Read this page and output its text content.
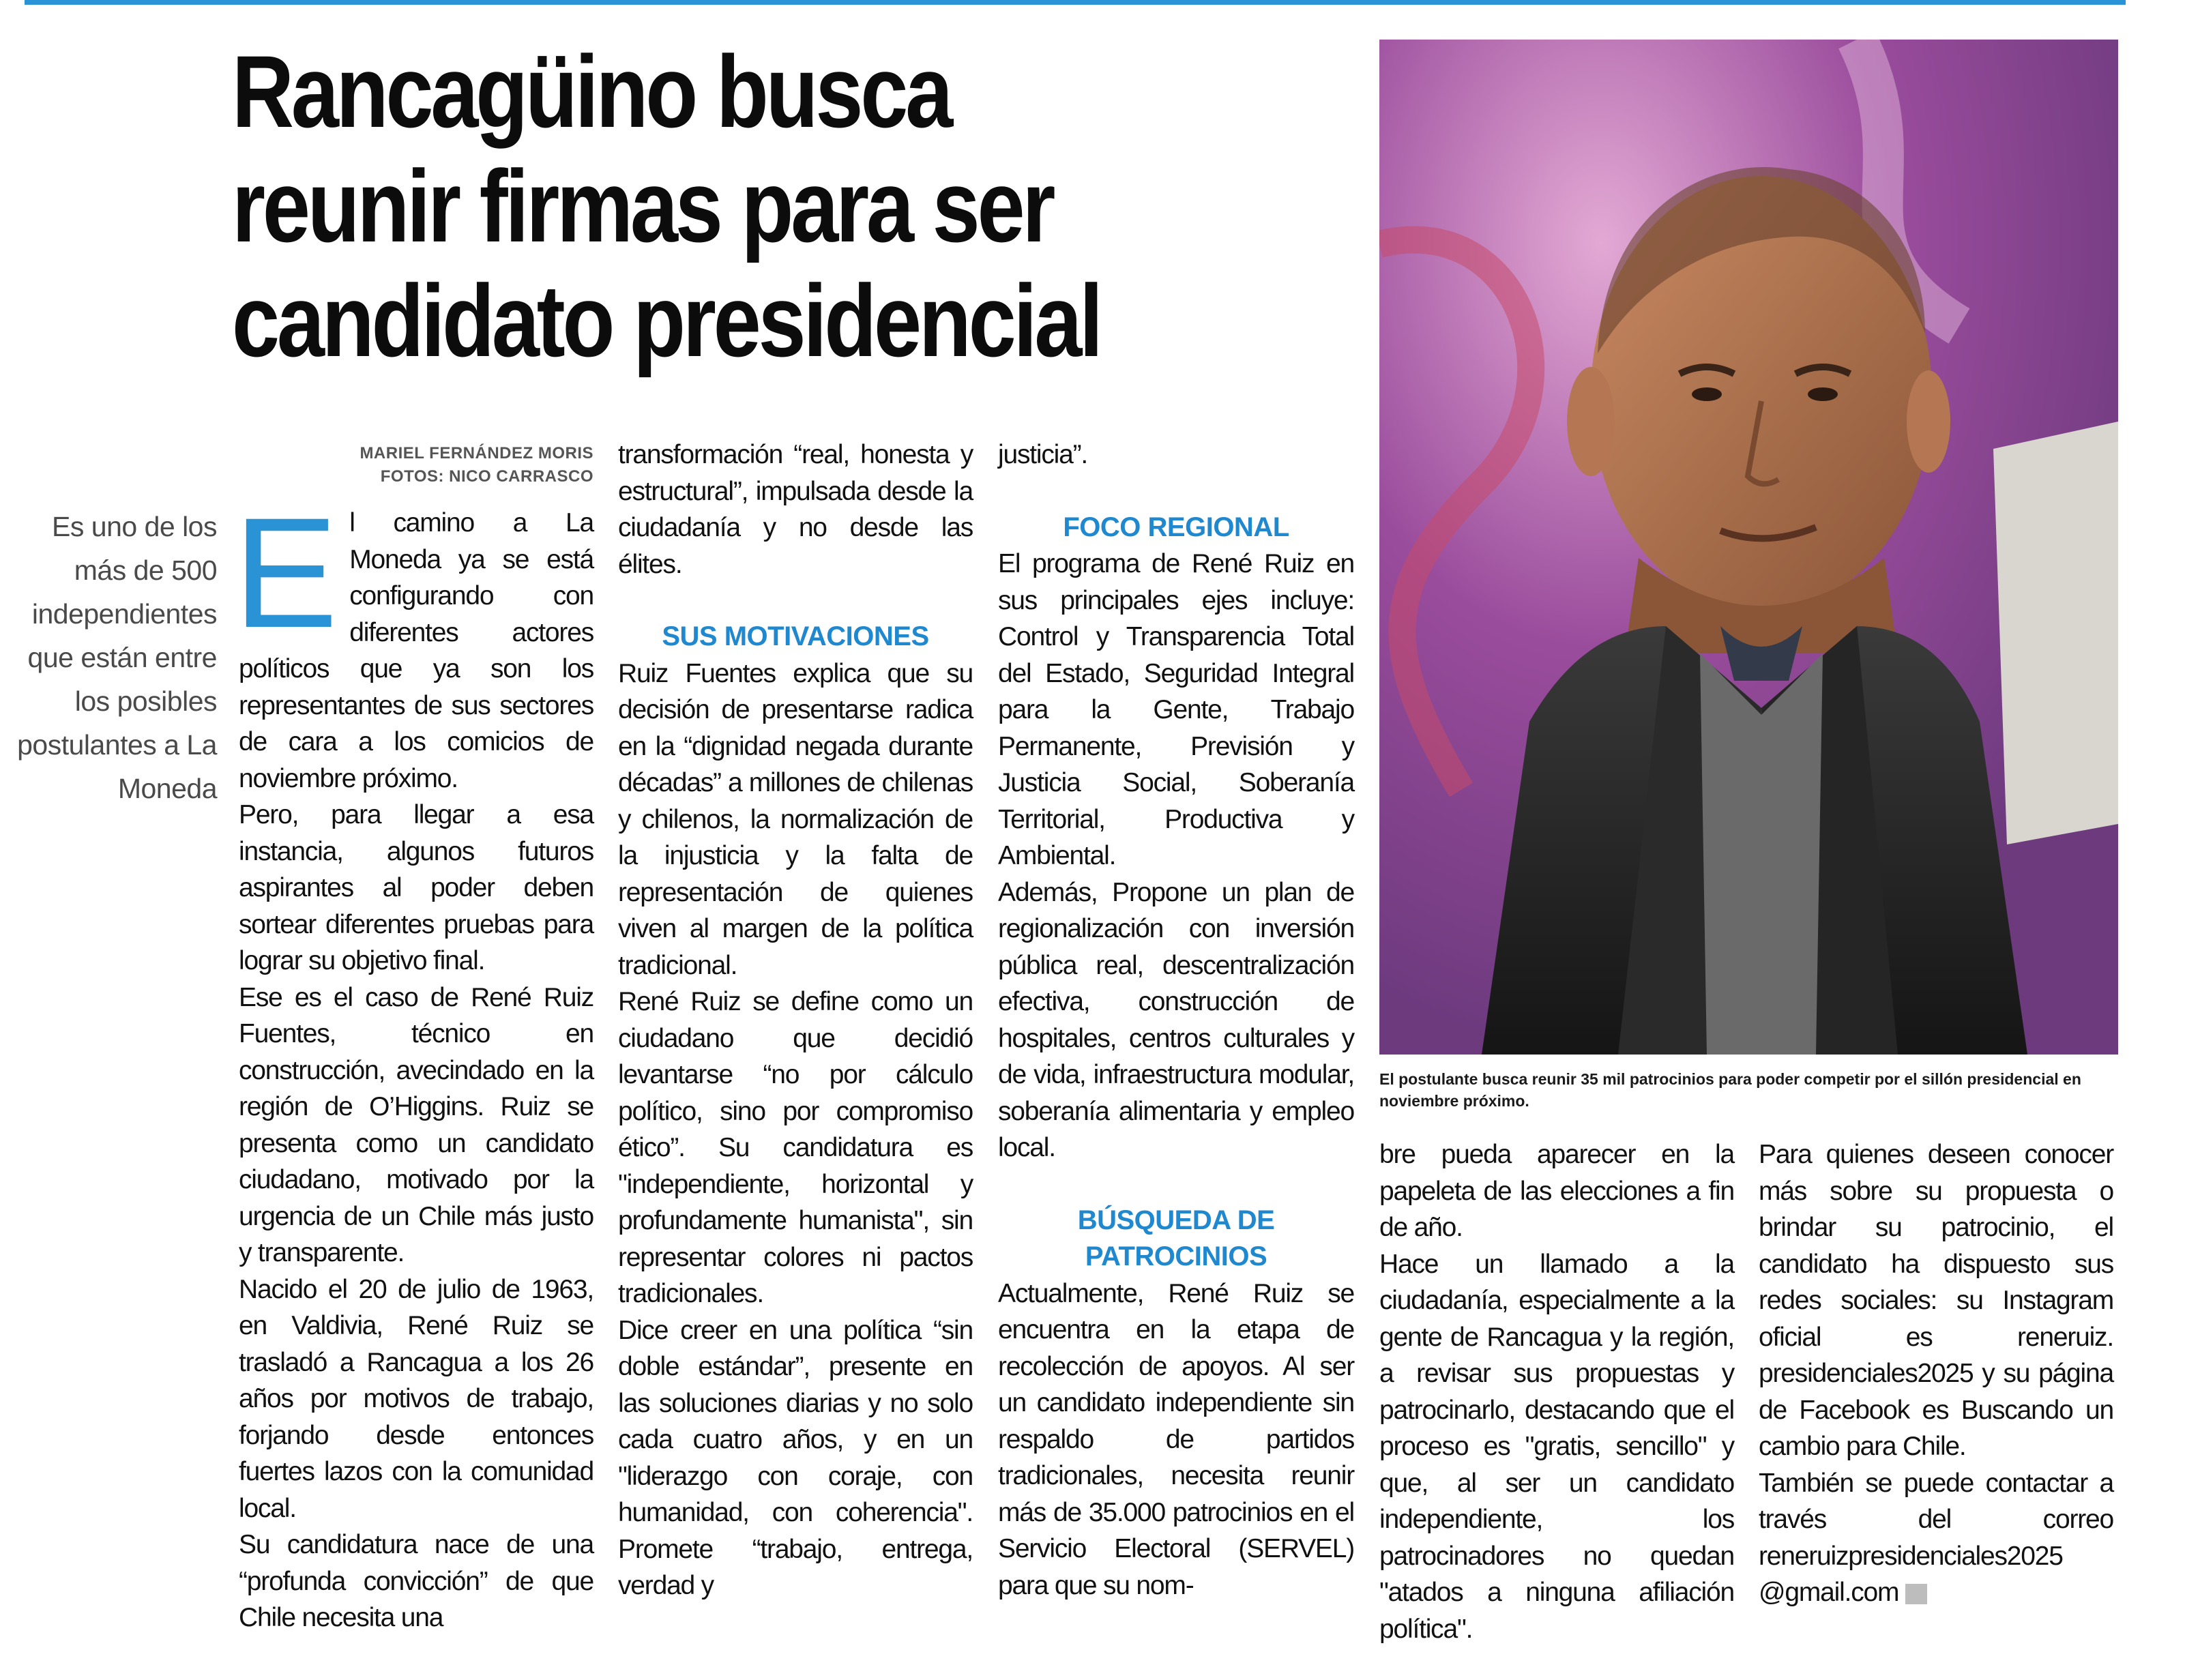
Rancagüino busca
reunir firmas para ser
candidato presidencial

El postulante busca reunir 35 mil patrocinios para poder competir por el sillón presidencial en noviembre próximo.

MARIEL FERNÁNDEZ MORIS
FOTOS: NICO CARRASCO
Es uno de los más de 500 independientes que están entre los posibles postulantes a La Moneda

E l camino a La Moneda ya se está configurando con diferentes actores políticos que ya son los representantes de sus sectores de cara a los comicios de noviembre próximo.

Pero, para llegar a esa instancia, algunos futuros aspirantes al poder deben sortear diferentes pruebas para lograr su objetivo final.

Ese es el caso de René Ruiz Fuentes, técnico en construcción, avecindado en la región de O’Higgins. Ruiz se presenta como un candidato ciudadano, motivado por la urgencia de un Chile más justo y transparente.

Nacido el 20 de julio de 1963, en Valdivia, René Ruiz se trasladó a Rancagua a los 26 años por motivos de trabajo, forjando desde entonces fuertes lazos con la comunidad local.

Su candidatura nace de una “profunda convicción” de que Chile necesita una

transformación “real, honesta y estructural”, impulsada desde la ciudadanía y no desde las élites.

SUS MOTIVACIONES

Ruiz Fuentes explica que su decisión de presentarse radica en la “dignidad negada durante décadas” a millones de chilenas y chilenos, la normalización de la injusticia y la falta de representación de quienes viven al margen de la política tradicional.

René Ruiz se define como un ciudadano que decidió levantarse “no por cálculo político, sino por compromiso ético”. Su candidatura es "independiente, horizontal y profundamente humanista", sin representar colores ni pactos tradicionales.

Dice creer en una política “sin doble estándar”, presente en las soluciones diarias y no solo cada cuatro años, y en un "liderazgo con coraje, con humanidad, con coherencia". Promete “trabajo, entrega, verdad y

justicia”.

FOCO REGIONAL

El programa de René Ruiz en sus principales ejes incluye: Control y Transparencia Total del Estado, Seguridad Integral para la Gente, Trabajo Permanente, Previsión y Justicia Social, Soberanía Territorial, Productiva y Ambiental.

Además, Propone un plan de regionalización con inversión pública real, descentralización efectiva, construcción de hospitales, centros culturales y de vida, infraestructura modular, soberanía alimentaria y empleo local.

BÚSQUEDA DE
PATROCINIOS

Actualmente, René Ruiz se encuentra en la etapa de recolección de apoyos. Al ser un candidato independiente sin respaldo de partidos tradicionales, necesita reunir más de 35.000 patrocinios en el Servicio Electoral (SERVEL) para que su nom-

bre pueda aparecer en la papeleta de las elecciones a fin de año.

Hace un llamado a la ciudadanía, especialmente a la gente de Rancagua y la región, a revisar sus propuestas y patrocinarlo, destacando que el proceso es "gratis, sencillo" y que, al ser un candidato independiente, los patrocinadores no quedan "atados a ninguna afiliación política".

Para quienes deseen conocer más sobre su propuesta o brindar su patrocinio, el candidato ha dispuesto sus redes sociales: su Instagram oficial es reneruiz. presidenciales2025 y su página de Facebook es Buscando un cambio para Chile.

También se puede contactar a través del correo reneruizpresidenciales2025 @gmail.com
